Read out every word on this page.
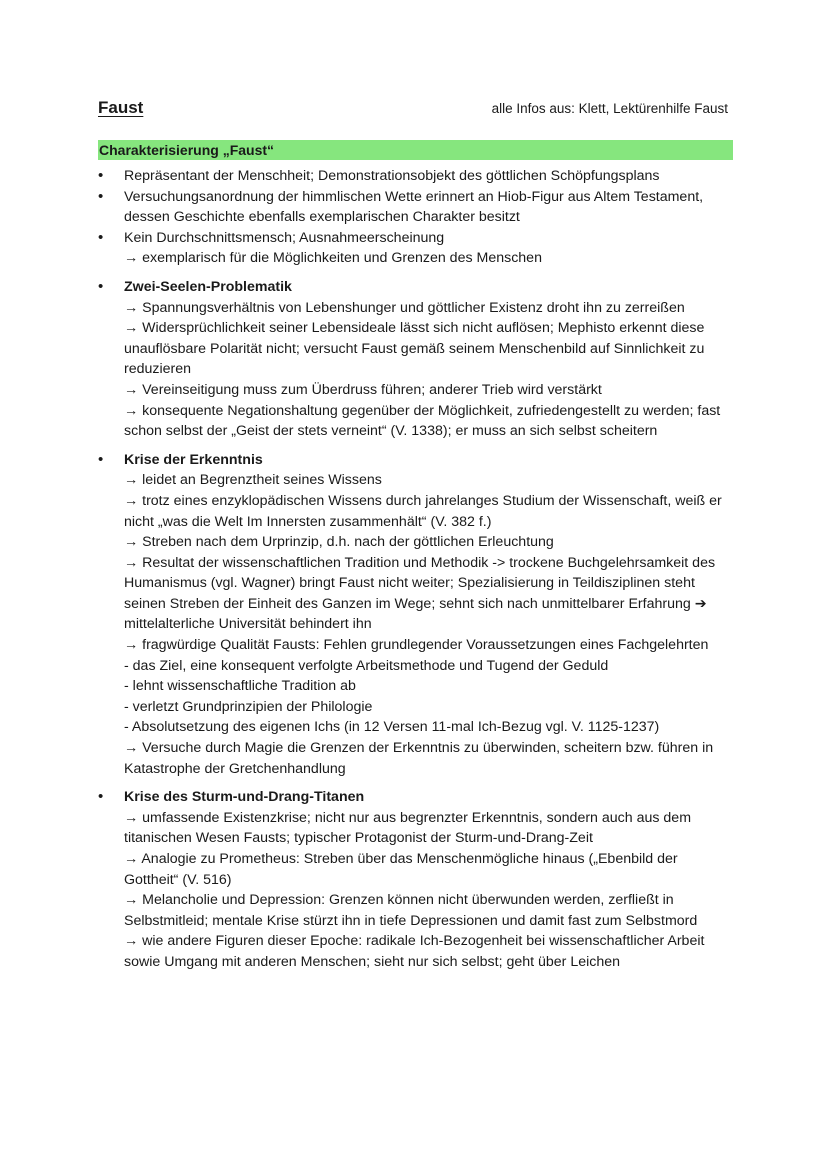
Faust	alle Infos aus: Klett, Lektürenhilfe Faust
Charakterisierung „Faust“
• Repräsentant der Menschheit; Demonstrationsobjekt des göttlichen Schöpfungsplans
• Versuchungsanordnung der himmlischen Wette erinnert an Hiob-Figur aus Altem Testament, dessen Geschichte ebenfalls exemplarischen Charakter besitzt
• Kein Durchschnittsmensch; Ausnahmeerscheinung
→ exemplarisch für die Möglichkeiten und Grenzen des Menschen
• Zwei-Seelen-Problematik
→ Spannungsverhältnis von Lebenshunger und göttlicher Existenz droht ihn zu zerreißen
→ Widersprüchlichkeit seiner Lebensideale lässt sich nicht auflösen; Mephisto erkennt diese unauflösbare Polarität nicht; versucht Faust gemäß seinem Menschenbild auf Sinnlichkeit zu reduzieren
→ Vereinseitigung muss zum Überdruss führen; anderer Trieb wird verstärkt
→ konsequente Negationshaltung gegenüber der Möglichkeit, zufriedengestellt zu werden; fast schon selbst der „Geist der stets verneint“ (V. 1338); er muss an sich selbst scheitern
• Krise der Erkenntnis
→ leidet an Begrenztheit seines Wissens
→ trotz eines enzyklopädischen Wissens durch jahrelanges Studium der Wissenschaft, weiß er nicht „was die Welt Im Innersten zusammenhält“ (V. 382 f.)
→ Streben nach dem Urprinzip, d.h. nach der göttlichen Erleuchtung
→ Resultat der wissenschaftlichen Tradition und Methodik -> trockene Buchgelehrsamkeit des Humanismus (vgl. Wagner) bringt Faust nicht weiter; Spezialisierung in Teildisziplinen steht seinen Streben der Einheit des Ganzen im Wege; sehnt sich nach unmittelbarer Erfahrung ➔ mittelalterliche Universität behindert ihn
→ fragwürdige Qualität Fausts: Fehlen grundlegender Voraussetzungen eines Fachgelehrten
- das Ziel, eine konsequent verfolgte Arbeitsmethode und Tugend der Geduld
- lehnt wissenschaftliche Tradition ab
- verletzt Grundprinzipien der Philologie
- Absolutsetzung des eigenen Ichs (in 12 Versen 11-mal Ich-Bezug vgl. V. 1125-1237)
→ Versuche durch Magie die Grenzen der Erkenntnis zu überwinden, scheitern bzw. führen in Katastrophe der Gretchenhandlung
• Krise des Sturm-und-Drang-Titanen
→ umfassende Existenzkrise; nicht nur aus begrenzter Erkenntnis, sondern auch aus dem titanischen Wesen Fausts; typischer Protagonist der Sturm-und-Drang-Zeit
→ Analogie zu Prometheus: Streben über das Menschenmögliche hinaus („Ebenbild der Gottheit“ (V. 516)
→ Melancholie und Depression: Grenzen können nicht überwunden werden, zerfließt in Selbstmitleid; mentale Krise stürzt ihn in tiefe Depressionen und damit fast zum Selbstmord
→ wie andere Figuren dieser Epoche: radikale Ich-Bezogenheit bei wissenschaftlicher Arbeit sowie Umgang mit anderen Menschen; sieht nur sich selbst; geht über Leichen
